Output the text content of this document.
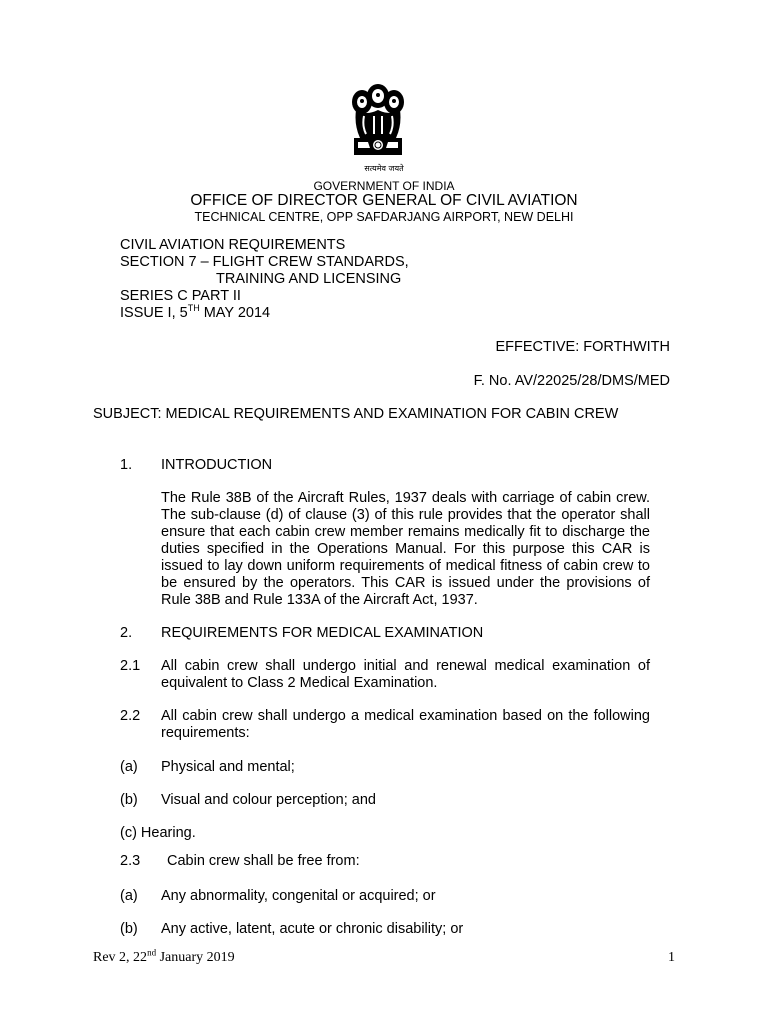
सत्यमेव जयते
GOVERNMENT OF INDIA
OFFICE OF DIRECTOR GENERAL OF CIVIL AVIATION
TECHNICAL CENTRE, OPP SAFDARJANG AIRPORT, NEW DELHI
CIVIL AVIATION REQUIREMENTS
SECTION 7 – FLIGHT CREW STANDARDS,
TRAINING AND LICENSING
SERIES C PART II
ISSUE I, 5TH MAY 2014
EFFECTIVE: FORTHWITH
F. No. AV/22025/28/DMS/MED
SUBJECT: MEDICAL REQUIREMENTS AND EXAMINATION FOR CABIN CREW
1. INTRODUCTION

The Rule 38B of the Aircraft Rules, 1937 deals with carriage of cabin crew. The sub-clause (d) of clause (3) of this rule provides that the operator shall ensure that each cabin crew member remains medically fit to discharge the duties specified in the Operations Manual. For this purpose this CAR is issued to lay down uniform requirements of medical fitness of cabin crew to be ensured by the operators. This CAR is issued under the provisions of Rule 38B and Rule 133A of the Aircraft Act, 1937.

2. REQUIREMENTS FOR MEDICAL EXAMINATION
2.1 All cabin crew shall undergo initial and renewal medical examination of equivalent to Class 2 Medical Examination.

2.2 All cabin crew shall undergo a medical examination based on the following requirements:

(a) Physical and mental;
(b) Visual and colour perception; and
(c) Hearing.
2.3 Cabin crew shall be free from:
(a) Any abnormality, congenital or acquired; or
(b) Any active, latent, acute or chronic disability; or
Rev 2, 22nd January 2019	1
